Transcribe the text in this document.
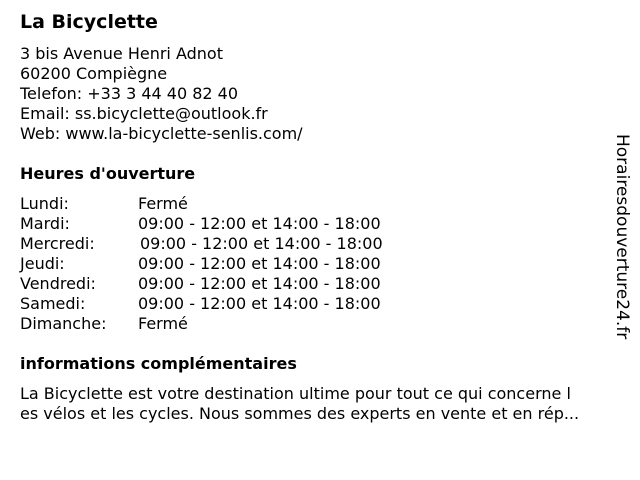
La Bicyclette
3 bis Avenue Henri Adnot
60200 Compiègne
Telefon: +33 3 44 40 82 40
Email: ss.bicyclette@outlook.fr
Web: www.la-bicyclette-senlis.com/
Heures d'ouverture
Lundi:	Fermé
Mardi:	09:00 - 12:00 et 14:00 - 18:00
Mercredi:	09:00 - 12:00 et 14:00 - 18:00
Jeudi:	09:00 - 12:00 et 14:00 - 18:00
Vendredi:	09:00 - 12:00 et 14:00 - 18:00
Samedi:	09:00 - 12:00 et 14:00 - 18:00
Dimanche: Fermé
informations complémentaires
La Bicyclette est votre destination ultime pour tout ce qui concerne l
es vélos et les cycles. Nous sommes des experts en vente et en rép...
Horairesdouverture24.fr
